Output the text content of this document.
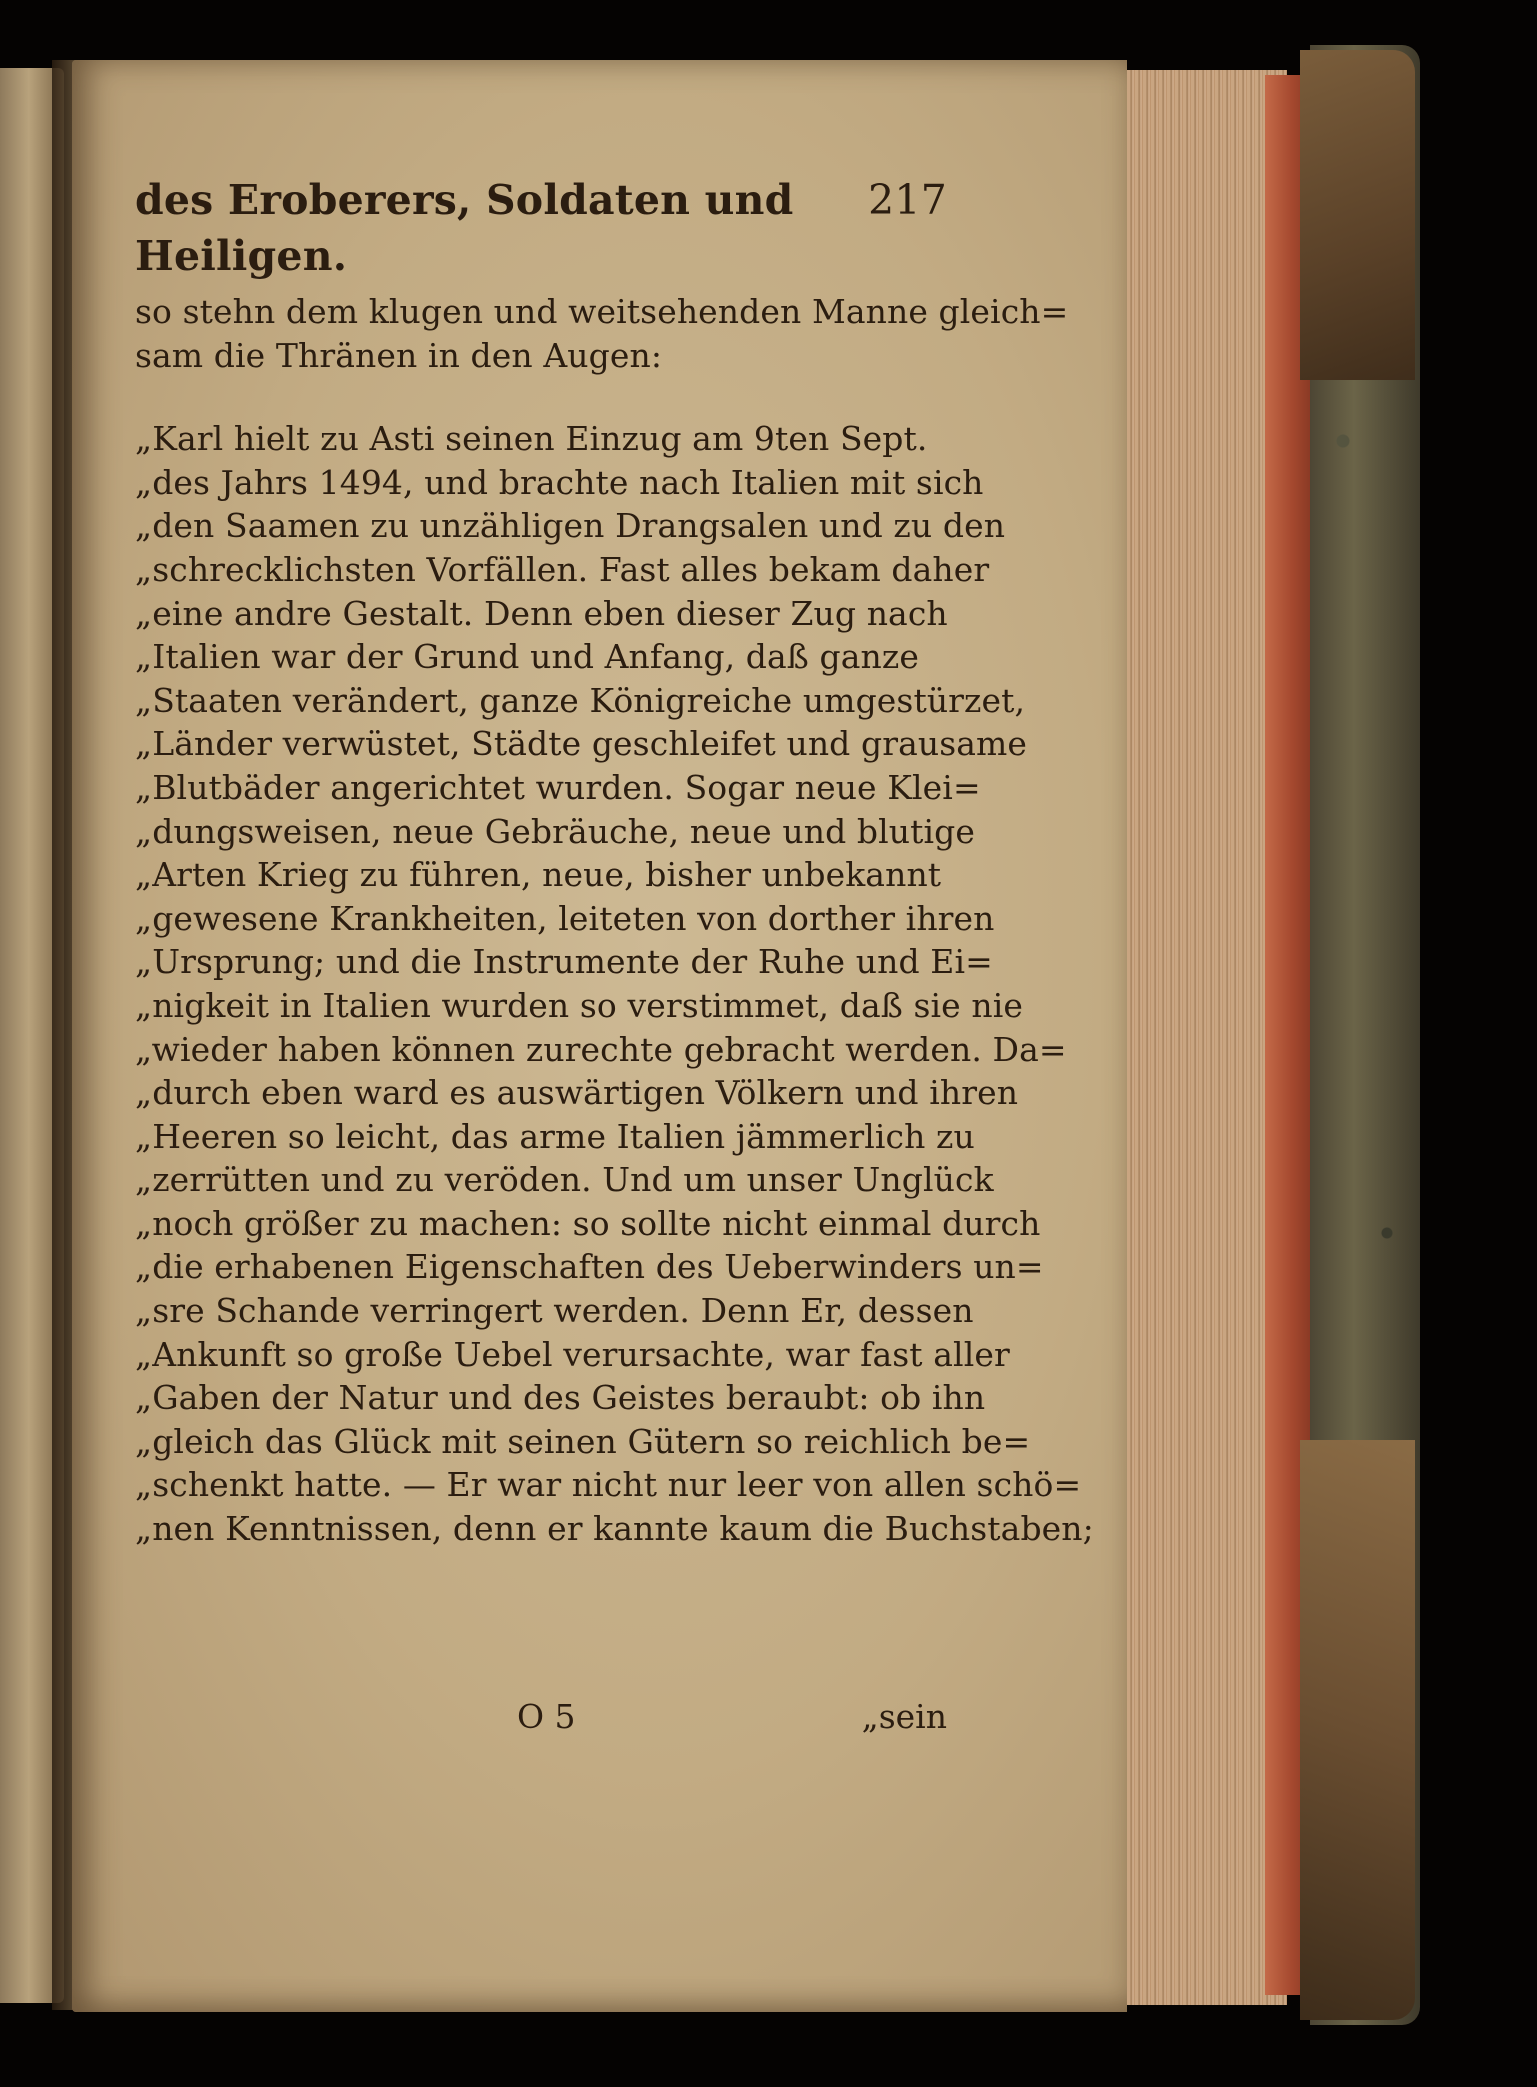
des Eroberers, Soldaten und Heiligen.
217
so stehn dem klugen und weitsehenden Manne gleich=
sam die Thränen in den Augen:
„Karl hielt zu Asti seinen Einzug am 9ten Sept.
„des Jahrs 1494, und brachte nach Italien mit sich
„den Saamen zu unzähligen Drangsalen und zu den
„schrecklichsten Vorfällen. Fast alles bekam daher
„eine andre Gestalt. Denn eben dieser Zug nach
„Italien war der Grund und Anfang, daß ganze
„Staaten verändert, ganze Königreiche umgestürzet,
„Länder verwüstet, Städte geschleifet und grausame
„Blutbäder angerichtet wurden. Sogar neue Klei=
„dungsweisen, neue Gebräuche, neue und blutige
„Arten Krieg zu führen, neue, bisher unbekannt
„gewesene Krankheiten, leiteten von dorther ihren
„Ursprung; und die Instrumente der Ruhe und Ei=
„nigkeit in Italien wurden so verstimmet, daß sie nie
„wieder haben können zurechte gebracht werden. Da=
„durch eben ward es auswärtigen Völkern und ihren
„Heeren so leicht, das arme Italien jämmerlich zu
„zerrütten und zu veröden. Und um unser Unglück
„noch größer zu machen: so sollte nicht einmal durch
„die erhabenen Eigenschaften des Ueberwinders un=
„sre Schande verringert werden. Denn Er, dessen
„Ankunft so große Uebel verursachte, war fast aller
„Gaben der Natur und des Geistes beraubt: ob ihn
„gleich das Glück mit seinen Gütern so reichlich be=
„schenkt hatte. — Er war nicht nur leer von allen schö=
„nen Kenntnissen, denn er kannte kaum die Buchstaben;
O 5	„sein
